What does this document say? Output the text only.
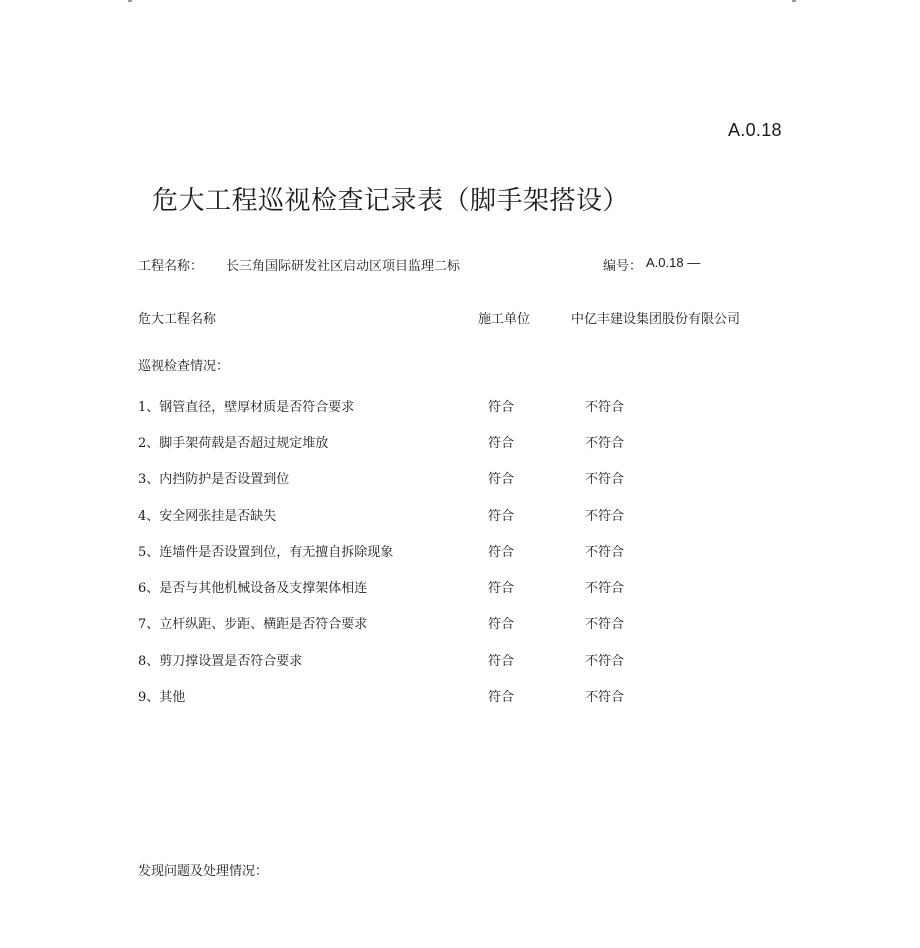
A.0.18
危大工程巡视检查记录表（脚手架搭设）
工程名称： 长三角国际研发社区启动区项目监理二标	编号： A.0.18 —
危大工程名称	施工单位	中亿丰建设集团股份有限公司
巡视检查情况：
1、钢管直径，壁厚材质是否符合要求	符合	不符合
2、脚手架荷载是否超过规定堆放	符合	不符合
3、内挡防护是否设置到位	符合	不符合
4、安全网张挂是否缺失	符合	不符合
5、连墙件是否设置到位，有无擅自拆除现象	符合	不符合
6、是否与其他机械设备及支撑架体相连	符合	不符合
7、立杆纵距、步距、横距是否符合要求	符合	不符合
8、剪刀撑设置是否符合要求	符合	不符合
9、其他	符合	不符合
发现问题及处理情况：
